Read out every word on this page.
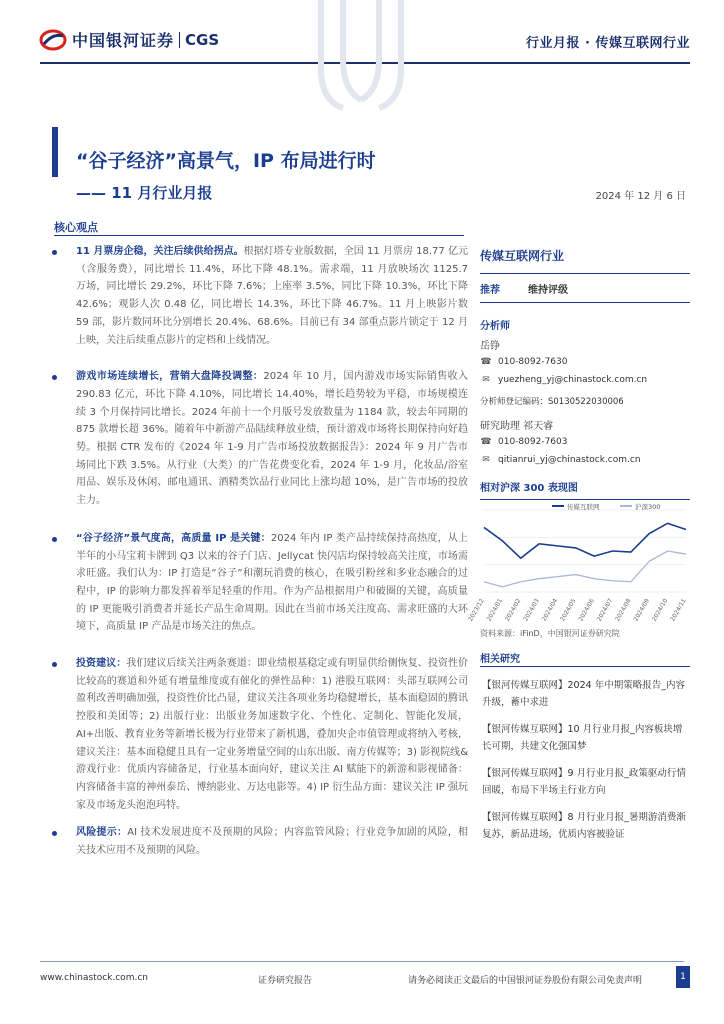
中国银河证券 CGS	行业月报 · 传媒互联网行业
“谷子经济”高景气，IP 布局进行时
—— 11 月行业月报	2024 年 12 月 6 日
核心观点
11 月票房企稳，关注后续供给拐点。根据灯塔专业版数据，全国 11 月票房 18.77 亿元（含服务费），同比增长 11.4%，环比下降 48.1%。需求端，11 月放映场次 1125.7 万场，同比增长 29.2%，环比下降 7.6%；上座率 3.5%，同比下降 10.3%，环比下降 42.6%；观影人次 0.48 亿，同比增长 14.3%，环比下降 46.7%。11 月上映影片数 59 部，影片数同环比分别增长 20.4%、68.6%。目前已有 34 部重点影片锁定于 12 月上映，关注后续重点影片的定档和上线情况。
游戏市场连续增长，营销大盘降投调整：2024 年 10 月，国内游戏市场实际销售收入 290.83 亿元，环比下降 4.10%，同比增长 14.40%，增长趋势较为平稳，市场规模连续 3 个月保持同比增长。2024 年前十一个月版号发放数量为 1184 款，较去年同期的 875 款增长超 36%。随着年中新游产品陆续释放业绩，预计游戏市场将长期保持向好趋势。根据 CTR 发布的《2024 年 1-9 月广告市场投放数据报告》：2024 年 9 月广告市场同比下跌 3.5%。从行业（大类）的广告花费变化看，2024 年 1-9 月，化妆品/浴室用品、娱乐及休闲、邮电通讯、酒精类饮品行业同比上涨均超 10%，是广告市场的投放主力。
“谷子经济”景气度高，高质量 IP 是关键：2024 年内 IP 类产品持续保持高热度，从上半年的小马宝莉卡牌到 Q3 以来的谷子门店、Jellycat 快闪店均保持较高关注度，市场需求旺盛。我们认为：IP 打造是“谷子”和潮玩消费的核心，在吸引粉丝和多业态融合的过程中，IP 的影响力都发挥着举足轻重的作用。作为产品根据用户和破圈的关键，高质量的 IP 更能吸引消费者并延长产品生命周期。因此在当前市场关注度高、需求旺盛的大环境下，高质量 IP 产品是市场关注的焦点。
投资建议：我们建议后续关注两条赛道：即业绩根基稳定或有明显供给侧恢复、投资性价比较高的赛道和外延有增量维度或有催化的弹性品种：1) 港股互联网：头部互联网公司盈利改善明确加强，投资性价比凸显，建议关注各项业务均稳健增长，基本面稳固的腾讯控股和美团等；2) 出版行业：出版业务加速数字化、个性化、定制化、智能化发展，AI+出版、教育业务等新增长极为行业带来了新机遇，叠加央企市值管理或将纳入考核，建议关注：基本面稳健且具有一定业务增量空间的山东出版、南方传媒等；3) 影视院线&游戏行业：优质内容储备足，行业基本面向好，建议关注 AI 赋能下的新游和影视储备：内容储备丰富的神州泰岳、博纳影业、万达电影等。4) IP 衍生品方面：建议关注 IP 强玩家及市场龙头泡泡玛特。
风险提示：AI 技术发展进度不及预期的风险；内容监管风险；行业竞争加剧的风险，相关技术应用不及预期的风险。
传媒互联网行业
推荐	维持评级
分析师
岳铮
☎ 010-8092-7630
✉ yuezheng_yj@chinastock.com.cn
分析师登记编码：S0130522030006
研究助理 祁天睿
☎ 010-8092-7603
✉ qitianrui_yj@chinastock.com.cn
相对沪深 300 表现图
传媒互联网	沪深300
2023/12 2024/01 2024/02 2024/03 2024/04 2024/05 2024/06 2024/07 2024/08 2024/09 2024/10 2024/11
资料来源：iFinD，中国银河证券研究院
相关研究
【银河传媒互联网】2024 年中期策略报告_内容升级，蓄中求进
【银河传媒互联网】10 月行业月报_内容板块增长可期，共建文化强国梦
【银河传媒互联网】9 月行业月报_政策驱动行情回暖，布局下半场主行业方向
【银河传媒互联网】8 月行业月报_暑期游消费渐复苏，新品进场，优质内容被验证
www.chinastock.com.cn	证券研究报告	请务必阅读正文最后的中国银河证券股份有限公司免责声明	1
